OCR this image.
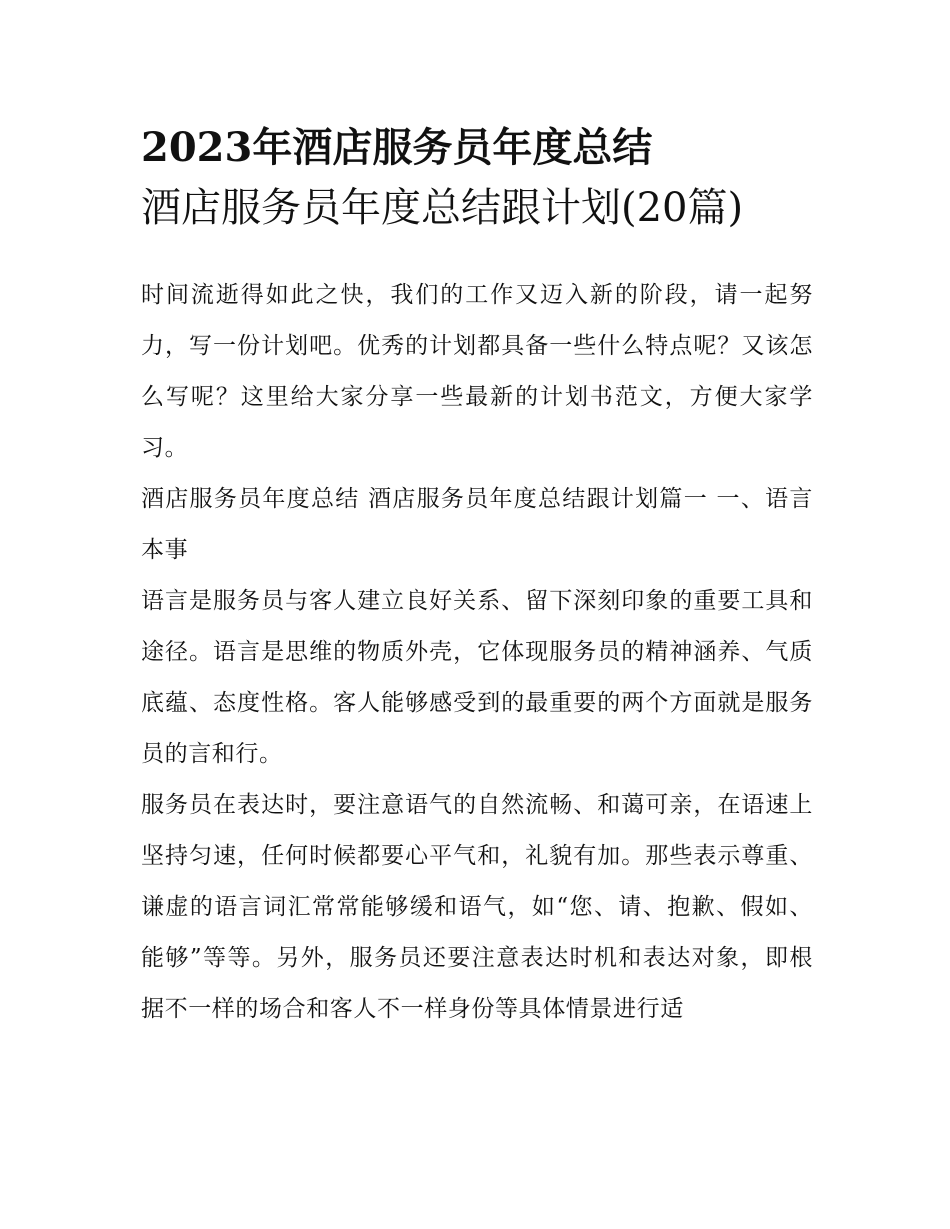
2023年酒店服务员年度总结
酒店服务员年度总结跟计划(20篇)

时间流逝得如此之快，我们的工作又迈入新的阶段，请一起努力，写一份计划吧。优秀的计划都具备一些什么特点呢？又该怎么写呢？这里给大家分享一些最新的计划书范文，方便大家学习。

酒店服务员年度总结 酒店服务员年度总结跟计划篇一 一、语言本事

语言是服务员与客人建立良好关系、留下深刻印象的重要工具和途径。语言是思维的物质外壳，它体现服务员的精神涵养、气质底蕴、态度性格。客人能够感受到的最重要的两个方面就是服务员的言和行。

服务员在表达时，要注意语气的自然流畅、和蔼可亲，在语速上坚持匀速，任何时候都要心平气和，礼貌有加。那些表示尊重、谦虚的语言词汇常常能够缓和语气，如“您、请、抱歉、假如、能够”等等。另外，服务员还要注意表达时机和表达对象，即根据不一样的场合和客人不一样身份等具体情景进行适
